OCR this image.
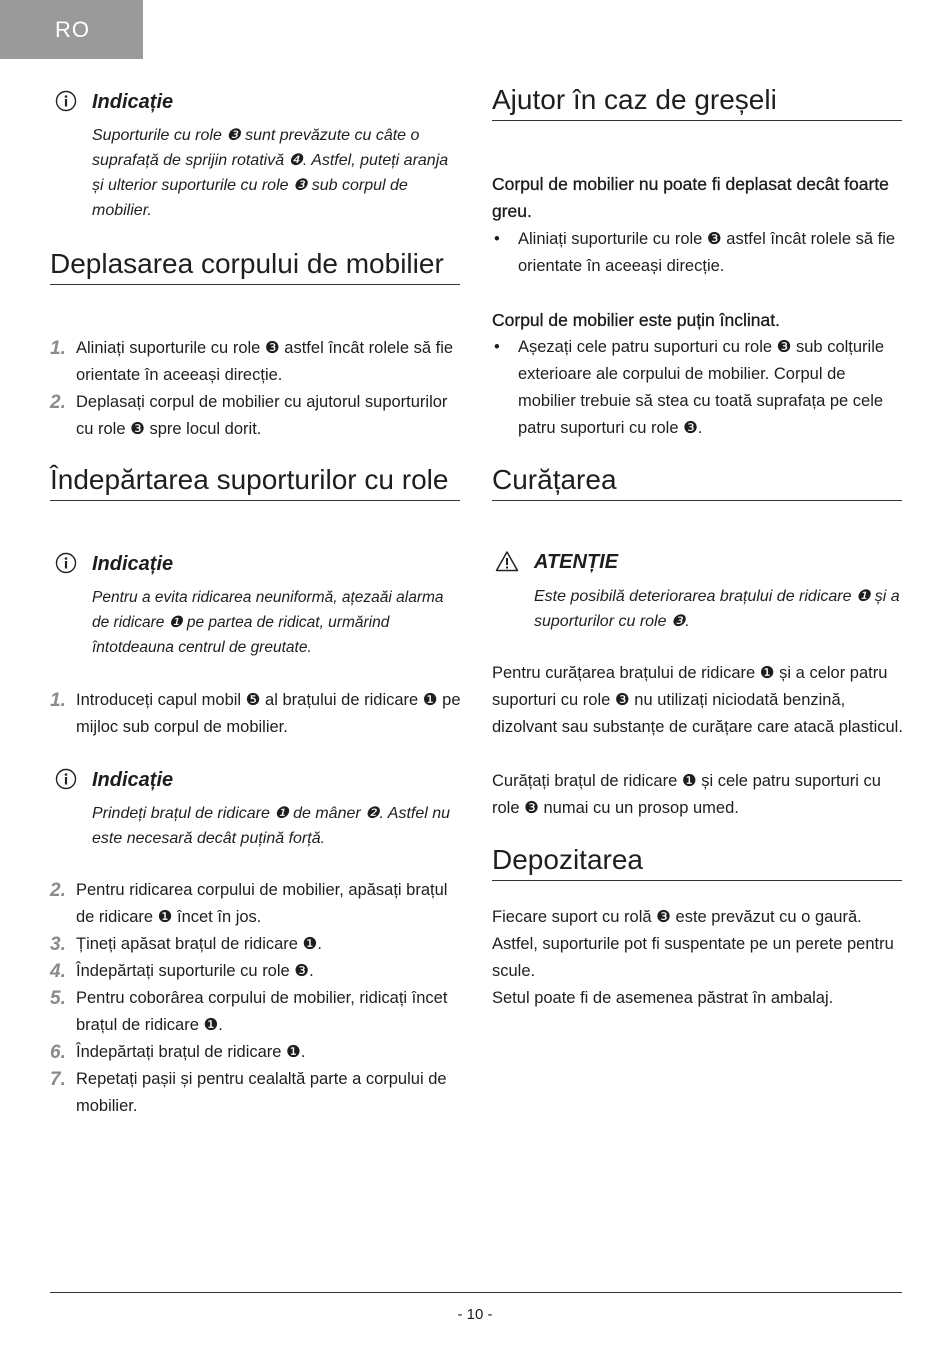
RO
Indicație
Suporturile cu role ❸ sunt prevăzute cu câte o suprafață de sprijin rotativă ❹. Astfel, puteți aranja și ulterior suporturile cu role ❸ sub corpul de mobilier.
Deplasarea corpului de mobilier
1. Aliniați suporturile cu role ❸ astfel încât rolele să fie orientate în aceeași direcție.
2. Deplasați corpul de mobilier cu ajutorul suporturilor cu role ❸ spre locul dorit.
Îndepărtarea suporturilor cu role
Indicație
Pentru a evita ridicarea neuniformă, ațezaăi alarma de ridicare ❶ pe partea de ridicat, urmărind întotdeauna centrul de greutate.
1. Introduceți capul mobil ❺ al brațului de ridicare ❶ pe mijloc sub corpul de mobilier.
Indicație
Prindeți brațul de ridicare ❶ de mâner ❷. Astfel nu este necesară decât puțină forță.
2. Pentru ridicarea corpului de mobilier, apăsați brațul de ridicare ❶ încet în jos.
3. Țineți apăsat brațul de ridicare ❶.
4. Îndepărtați suporturile cu role ❸.
5. Pentru coborârea corpului de mobilier, ridicați încet brațul de ridicare ❶.
6. Îndepărtați brațul de ridicare ❶.
7. Repetați pașii și pentru cealaltă parte a corpului de mobilier.
Ajutor în caz de greșeli
Corpul de mobilier nu poate fi deplasat decât foarte greu.
• Aliniați suporturile cu role ❸ astfel încât rolele să fie orientate în aceeași direcție.
Corpul de mobilier este puțin înclinat.
• Așezați cele patru suporturi cu role ❸ sub colțurile exterioare ale corpului de mobilier. Corpul de mobilier trebuie să stea cu toată suprafața pe cele patru suporturi cu role ❸.
Curățarea
ATENȚIE
Este posibilă deteriorarea brațului de ridicare ❶ și a suporturilor cu role ❸.
Pentru curățarea brațului de ridicare ❶ și a celor patru suporturi cu role ❸ nu utilizați niciodată benzină, dizolvant sau substanțe de curățare care atacă plasticul.
Curățați brațul de ridicare ❶ și cele patru suporturi cu role ❸ numai cu un prosop umed.
Depozitarea
Fiecare suport cu rolă ❸ este prevăzut cu o gaură. Astfel, suporturile pot fi suspentate pe un perete pentru scule.
Setul poate fi de asemenea păstrat în ambalaj.
- 10 -
